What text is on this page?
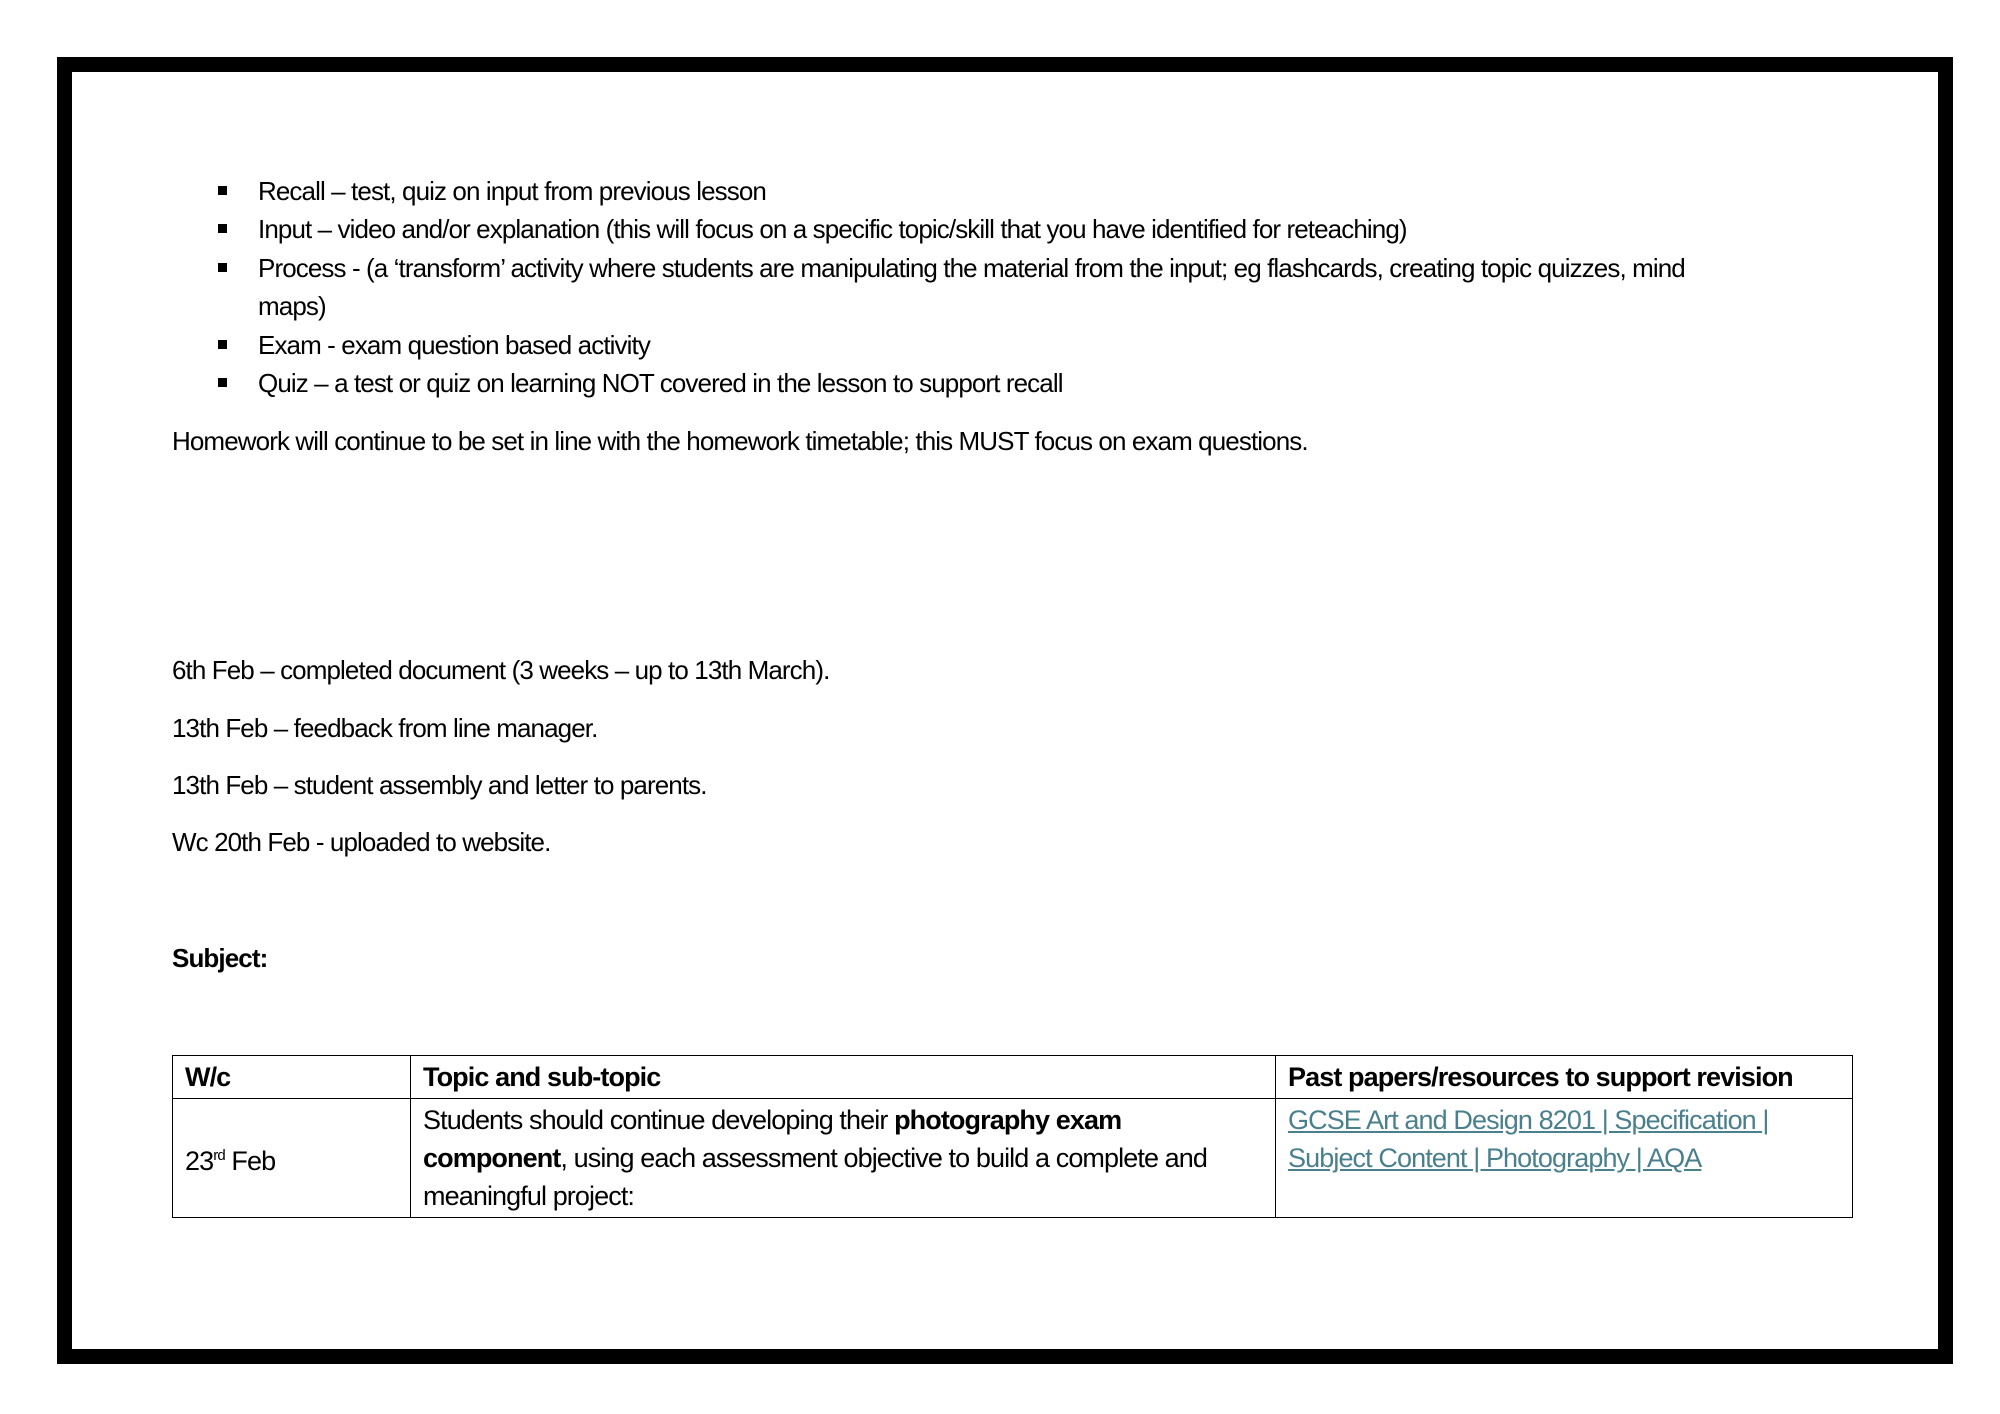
Recall – test, quiz on input from previous lesson
Input – video and/or explanation (this will focus on a specific topic/skill that you have identified for reteaching)
Process - (a ‘transform’ activity where students are manipulating the material from the input; eg flashcards, creating topic quizzes, mind
maps)
Exam - exam question based activity
Quiz – a test or quiz on learning NOT covered in the lesson to support recall
Homework will continue to be set in line with the homework timetable; this MUST focus on exam questions.
6th Feb – completed document (3 weeks – up to 13th March).
13th Feb – feedback from line manager.
13th Feb – student assembly and letter to parents.
Wc 20th Feb - uploaded to website.
Subject:
W/c	Topic and sub-topic	Past papers/resources to support revision
23rd Feb	Students should continue developing their photography exam component, using each assessment objective to build a complete and meaningful project:	GCSE Art and Design 8201 | Specification | Subject Content | Photography | AQA
